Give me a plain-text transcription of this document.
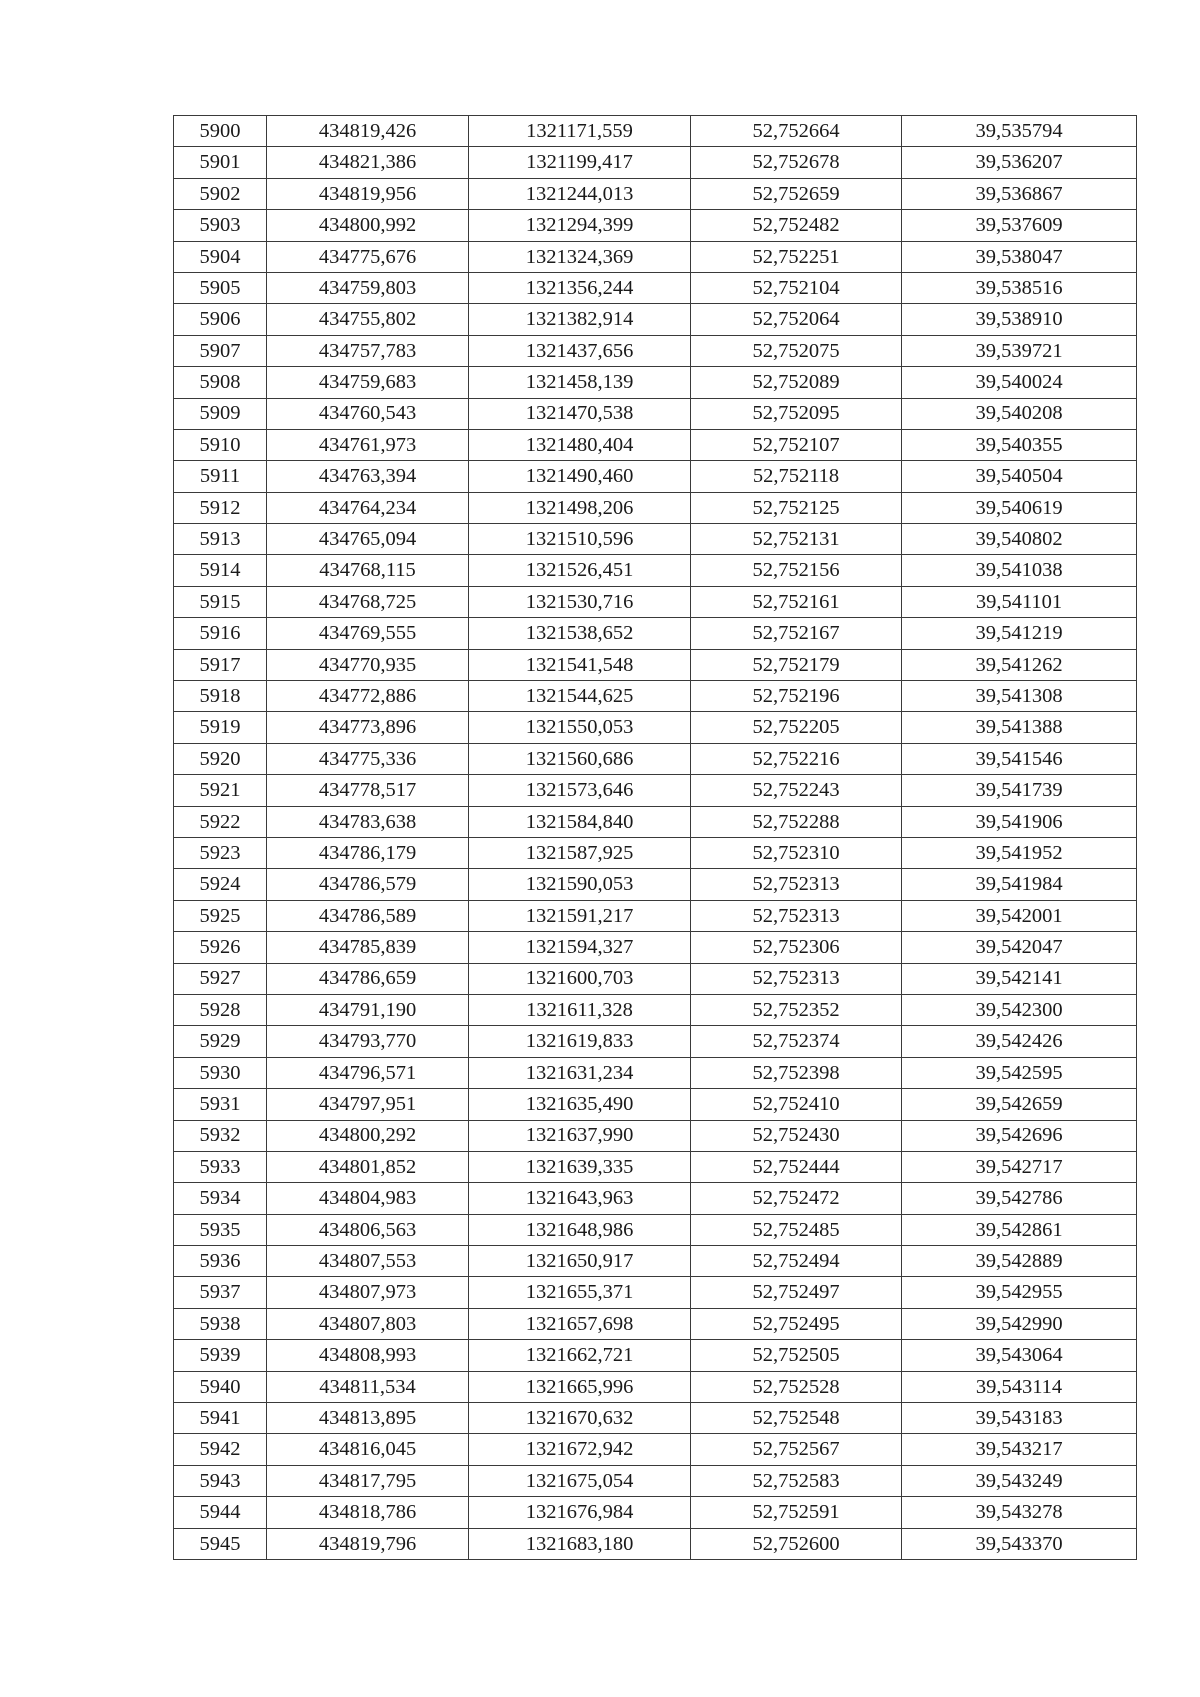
5900	434819,426	1321171,559	52,752664	39,535794
5901	434821,386	1321199,417	52,752678	39,536207
5902	434819,956	1321244,013	52,752659	39,536867
5903	434800,992	1321294,399	52,752482	39,537609
5904	434775,676	1321324,369	52,752251	39,538047
5905	434759,803	1321356,244	52,752104	39,538516
5906	434755,802	1321382,914	52,752064	39,538910
5907	434757,783	1321437,656	52,752075	39,539721
5908	434759,683	1321458,139	52,752089	39,540024
5909	434760,543	1321470,538	52,752095	39,540208
5910	434761,973	1321480,404	52,752107	39,540355
5911	434763,394	1321490,460	52,752118	39,540504
5912	434764,234	1321498,206	52,752125	39,540619
5913	434765,094	1321510,596	52,752131	39,540802
5914	434768,115	1321526,451	52,752156	39,541038
5915	434768,725	1321530,716	52,752161	39,541101
5916	434769,555	1321538,652	52,752167	39,541219
5917	434770,935	1321541,548	52,752179	39,541262
5918	434772,886	1321544,625	52,752196	39,541308
5919	434773,896	1321550,053	52,752205	39,541388
5920	434775,336	1321560,686	52,752216	39,541546
5921	434778,517	1321573,646	52,752243	39,541739
5922	434783,638	1321584,840	52,752288	39,541906
5923	434786,179	1321587,925	52,752310	39,541952
5924	434786,579	1321590,053	52,752313	39,541984
5925	434786,589	1321591,217	52,752313	39,542001
5926	434785,839	1321594,327	52,752306	39,542047
5927	434786,659	1321600,703	52,752313	39,542141
5928	434791,190	1321611,328	52,752352	39,542300
5929	434793,770	1321619,833	52,752374	39,542426
5930	434796,571	1321631,234	52,752398	39,542595
5931	434797,951	1321635,490	52,752410	39,542659
5932	434800,292	1321637,990	52,752430	39,542696
5933	434801,852	1321639,335	52,752444	39,542717
5934	434804,983	1321643,963	52,752472	39,542786
5935	434806,563	1321648,986	52,752485	39,542861
5936	434807,553	1321650,917	52,752494	39,542889
5937	434807,973	1321655,371	52,752497	39,542955
5938	434807,803	1321657,698	52,752495	39,542990
5939	434808,993	1321662,721	52,752505	39,543064
5940	434811,534	1321665,996	52,752528	39,543114
5941	434813,895	1321670,632	52,752548	39,543183
5942	434816,045	1321672,942	52,752567	39,543217
5943	434817,795	1321675,054	52,752583	39,543249
5944	434818,786	1321676,984	52,752591	39,543278
5945	434819,796	1321683,180	52,752600	39,543370
